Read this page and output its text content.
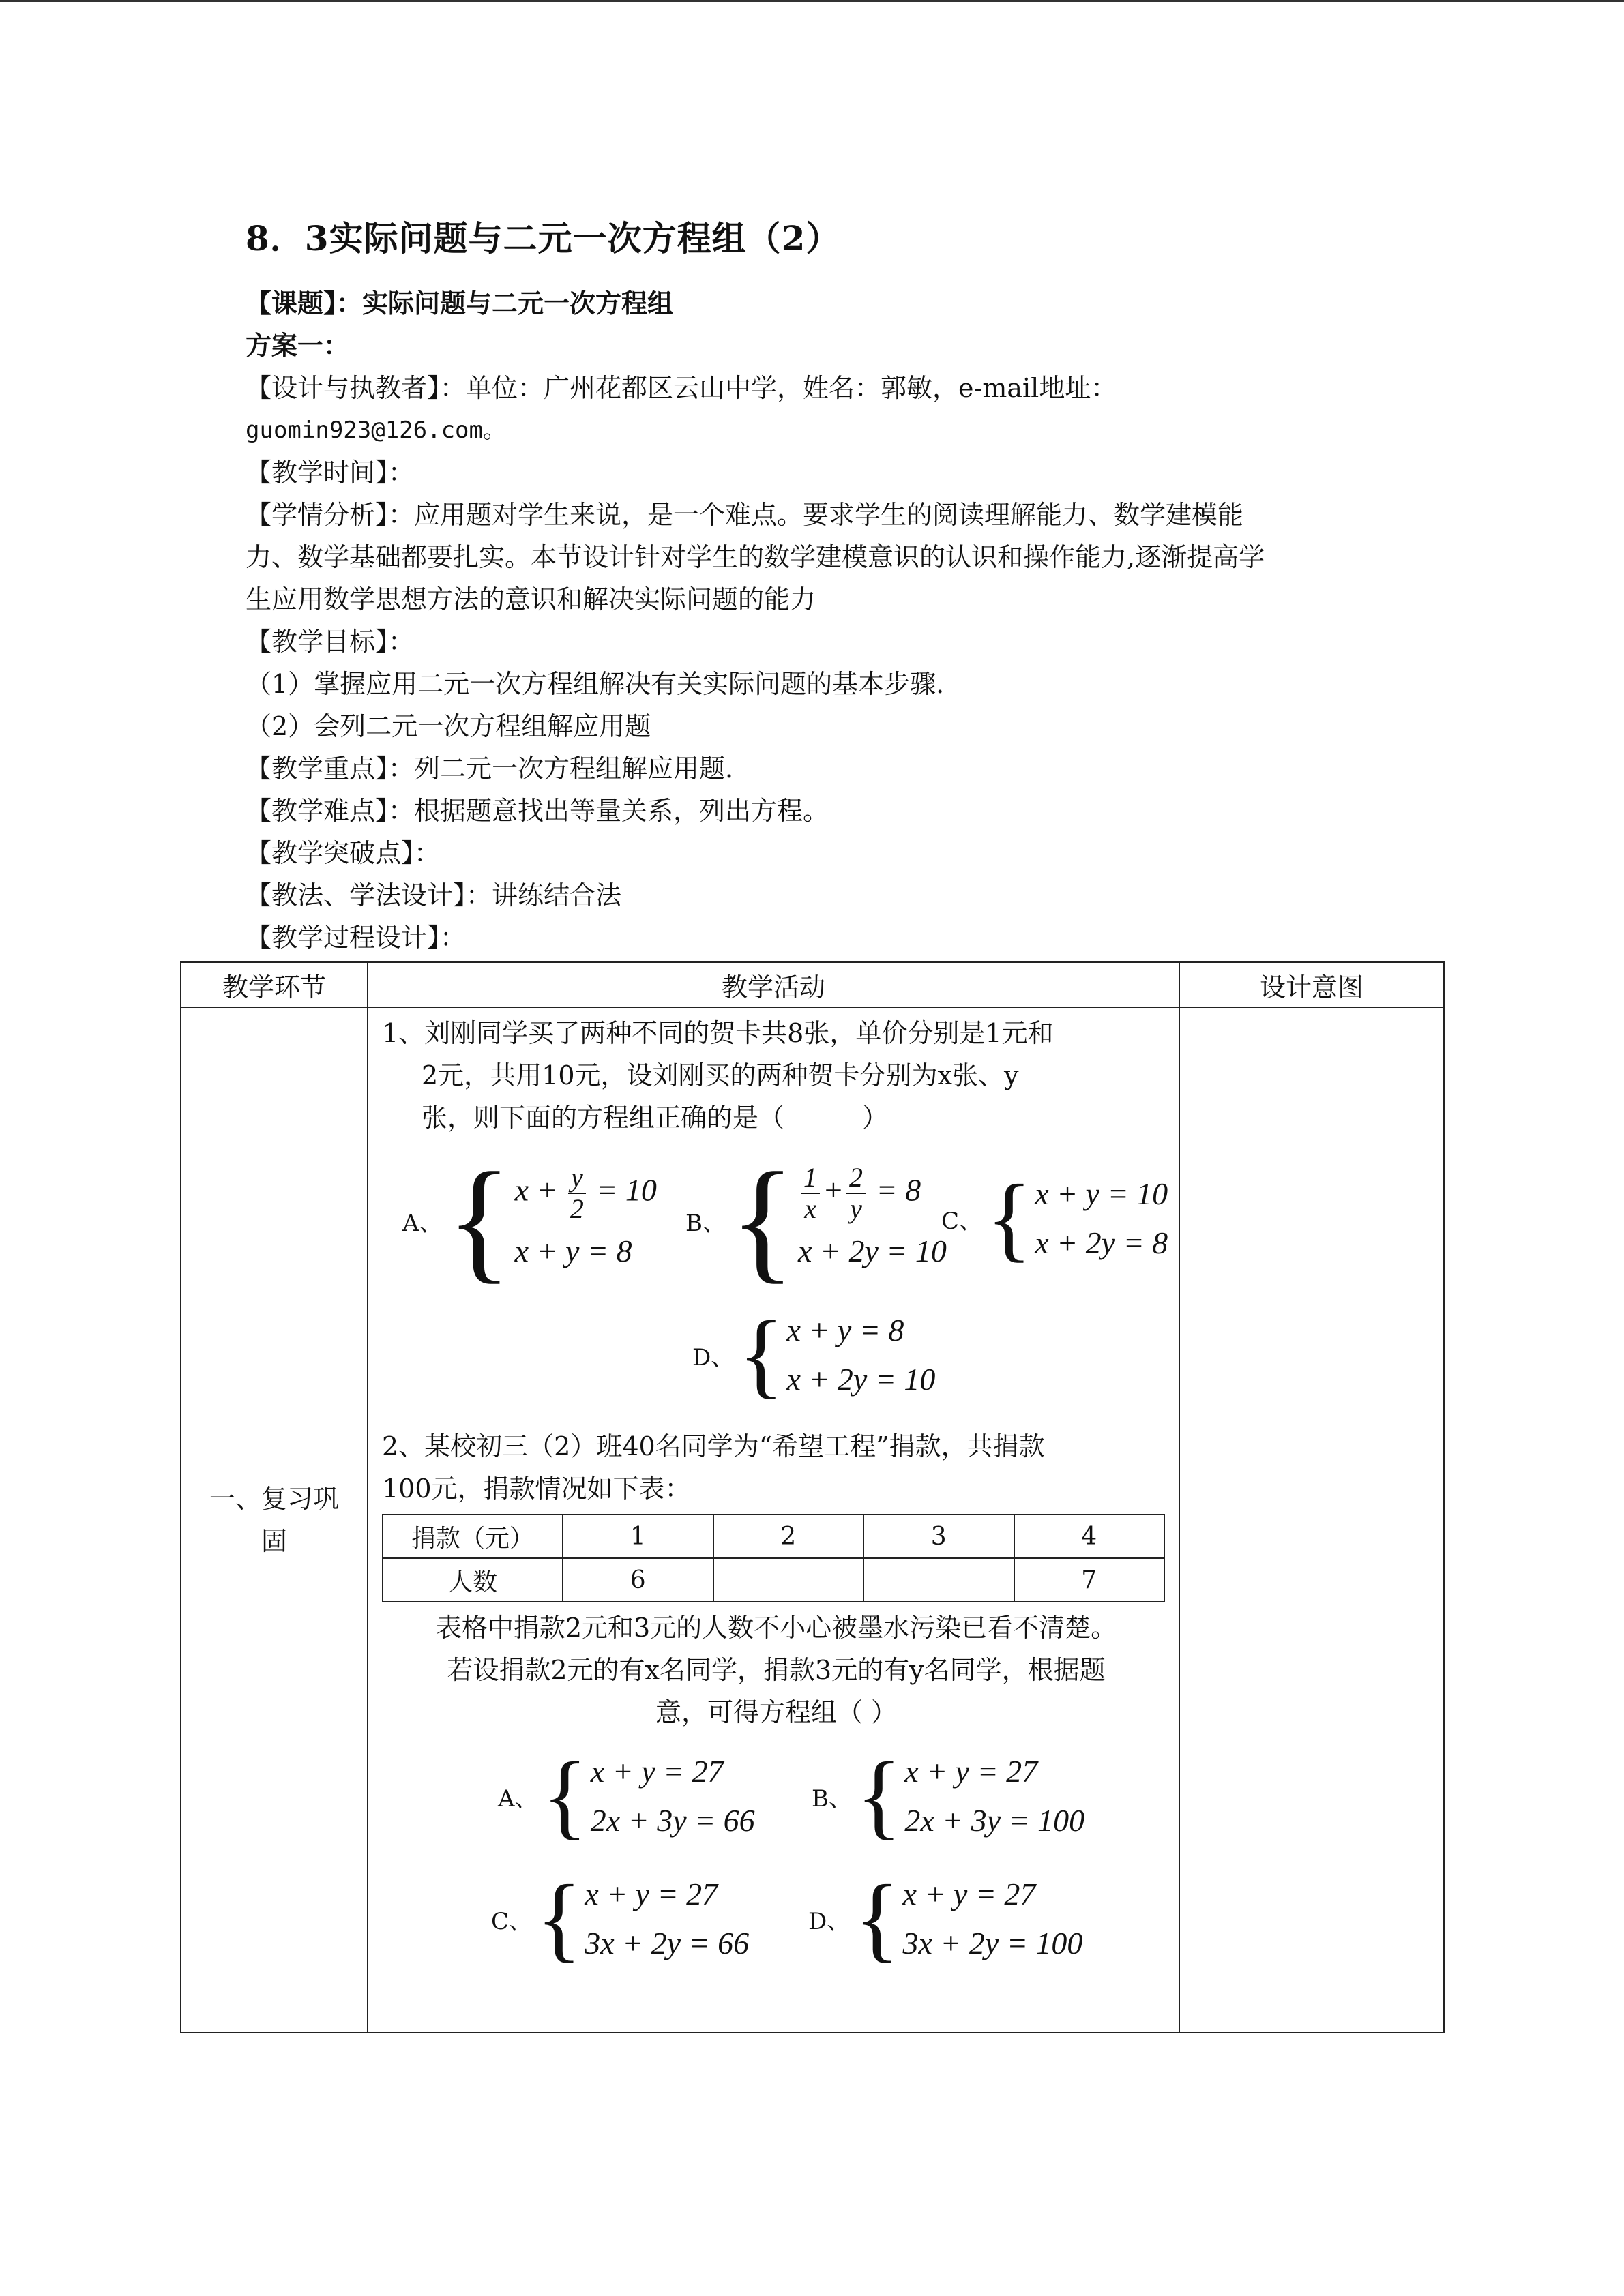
8．3实际问题与二元一次方程组（2）
【课题】：实际问题与二元一次方程组
方案一：
【设计与执教者】：单位：广州花都区云山中学，姓名：郭敏，e-mail地址：
guomin923@126.com。
【教学时间】：
【学情分析】：应用题对学生来说，是一个难点。要求学生的阅读理解能力、数学建模能
力、数学基础都要扎实。本节设计针对学生的数学建模意识的认识和操作能力,逐渐提高学
生应用数学思想方法的意识和解决实际问题的能力
【教学目标】：
（1）掌握应用二元一次方程组解决有关实际问题的基本步骤.
（2）会列二元一次方程组解应用题
【教学重点】：列二元一次方程组解应用题.
【教学难点】：根据题意找出等量关系，列出方程。
【教学突破点】：
【教法、学法设计】：讲练结合法
【教学过程设计】：
教学环节	教学活动	设计意图

一、复习巩固

1、刘刚同学买了两种不同的贺卡共8张，单价分别是1元和
2元，共用10元，设刘刚买的两种贺卡分别为x张、y
张，则下面的方程组正确的是（　　　）
A、 { $x + \frac{y}{2} = 10$
x + y = 8
B、 { $\frac{1}{x} + \frac{2}{y} = 8$
x + 2y = 10
C、 { x + y = 10
x + 2y = 8
D、 { x + y = 8
x + 2y = 10
2、某校初三（2）班40名同学为“希望工程”捐款，共捐款
100元，捐款情况如下表：
捐款（元）	1	2	3	4
人数	6			7
表格中捐款2元和3元的人数不小心被墨水污染已看不清楚。
若设捐款2元的有x名同学，捐款3元的有y名同学，根据题
意，可得方程组（ ）
A、 { x + y = 27
2x + 3y = 66
B、 { x + y = 27
2x + 3y = 100
C、 { x + y = 27
3x + 2y = 66
D、 { x + y = 27
3x + 2y = 100
